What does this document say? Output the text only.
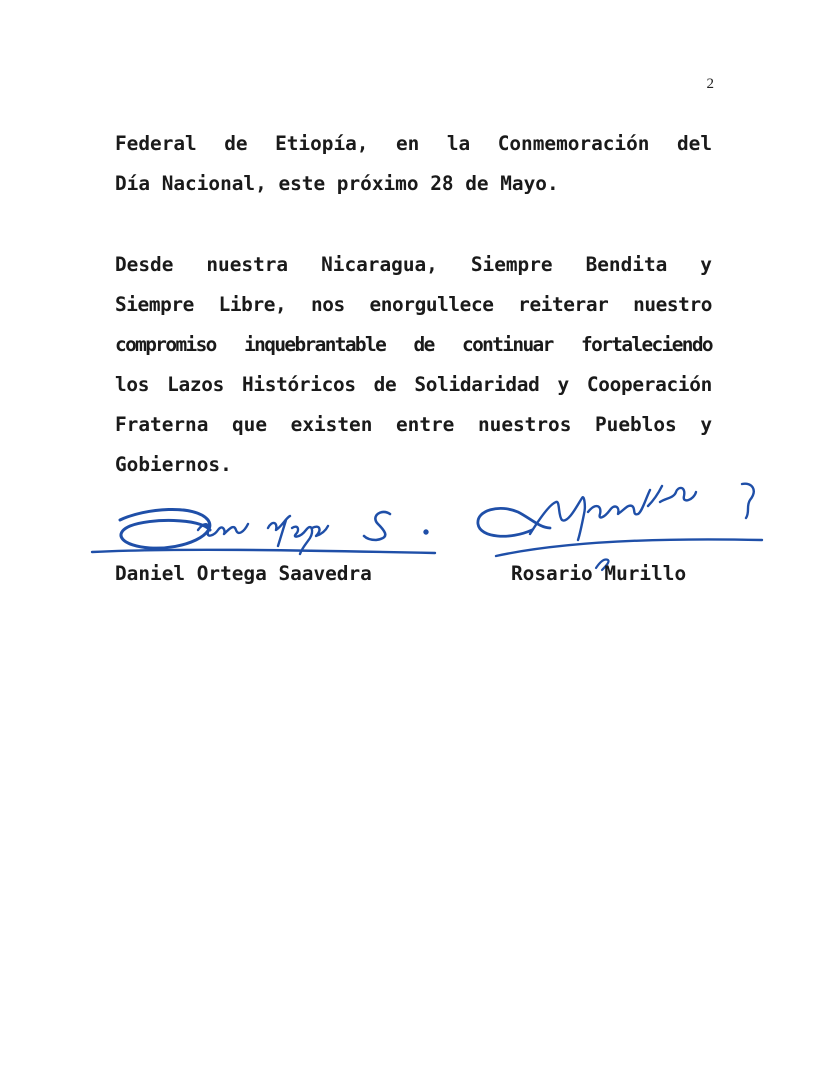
2
Federal de Etiopía, en la Conmemoración del
Día Nacional, este próximo 28 de Mayo.
Desde nuestra Nicaragua, Siempre Bendita y
Siempre Libre, nos enorgullece reiterar nuestro
compromiso inquebrantable de continuar fortaleciendo
los Lazos Históricos de Solidaridad y Cooperación
Fraterna que existen entre nuestros Pueblos y
Gobiernos.
Daniel Ortega Saavedra	Rosario Murillo
